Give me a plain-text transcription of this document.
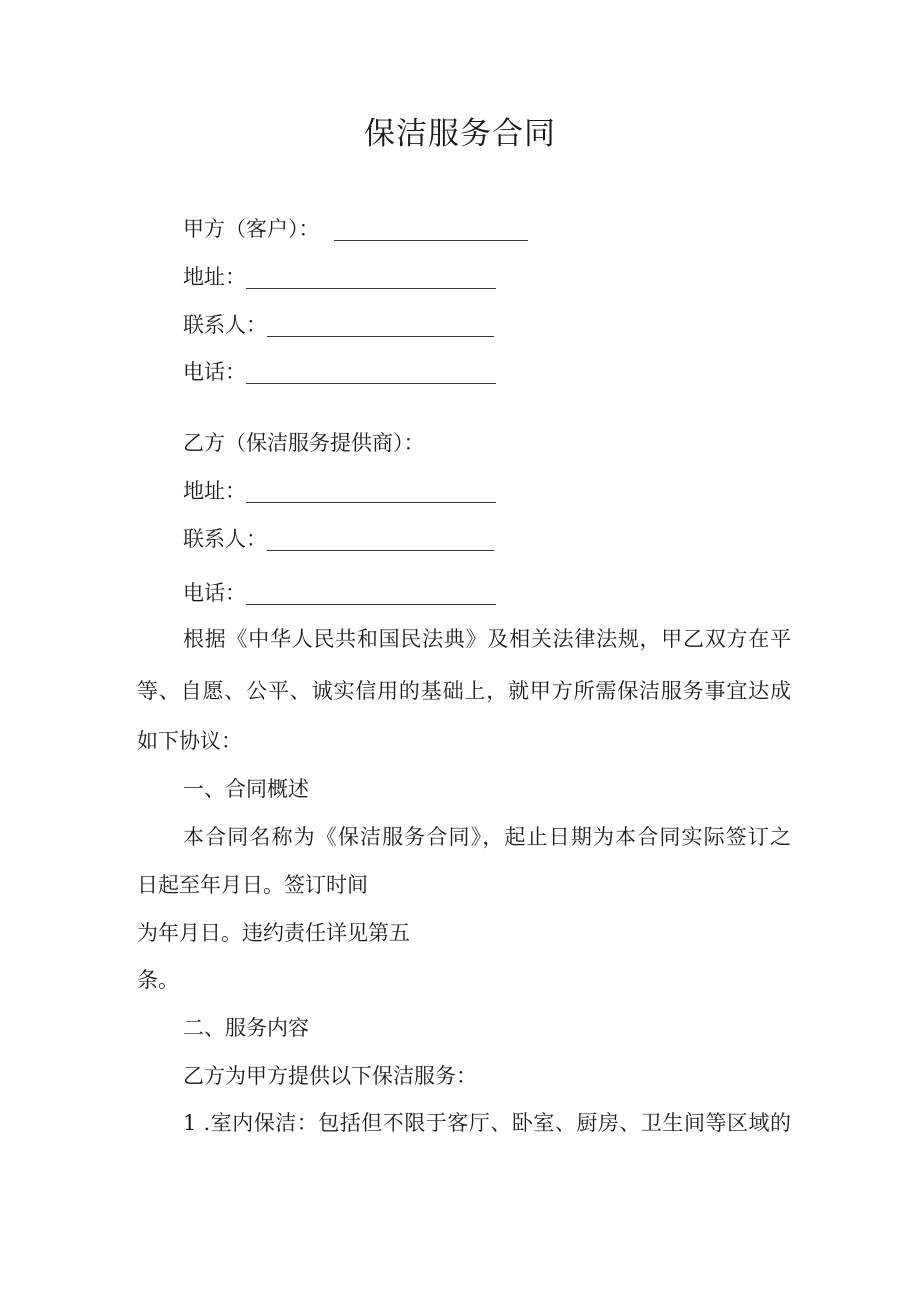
保洁服务合同
甲方（客户）：
地址：
联系人：
电话：
乙方（保洁服务提供商）：
地址：
联系人：
电话：
根据《中华人民共和国民法典》及相关法律法规，甲乙双方在平
等、自愿、公平、诚实信用的基础上，就甲方所需保洁服务事宜达成
如下协议：
一、合同概述
本合同名称为《保洁服务合同》，起止日期为本合同实际签订之
日起至年月日。签订时间
为年月日。违约责任详见第五
条。
二、服务内容
乙方为甲方提供以下保洁服务：
1 .室内保洁：包括但不限于客厅、卧室、厨房、卫生间等区域的
